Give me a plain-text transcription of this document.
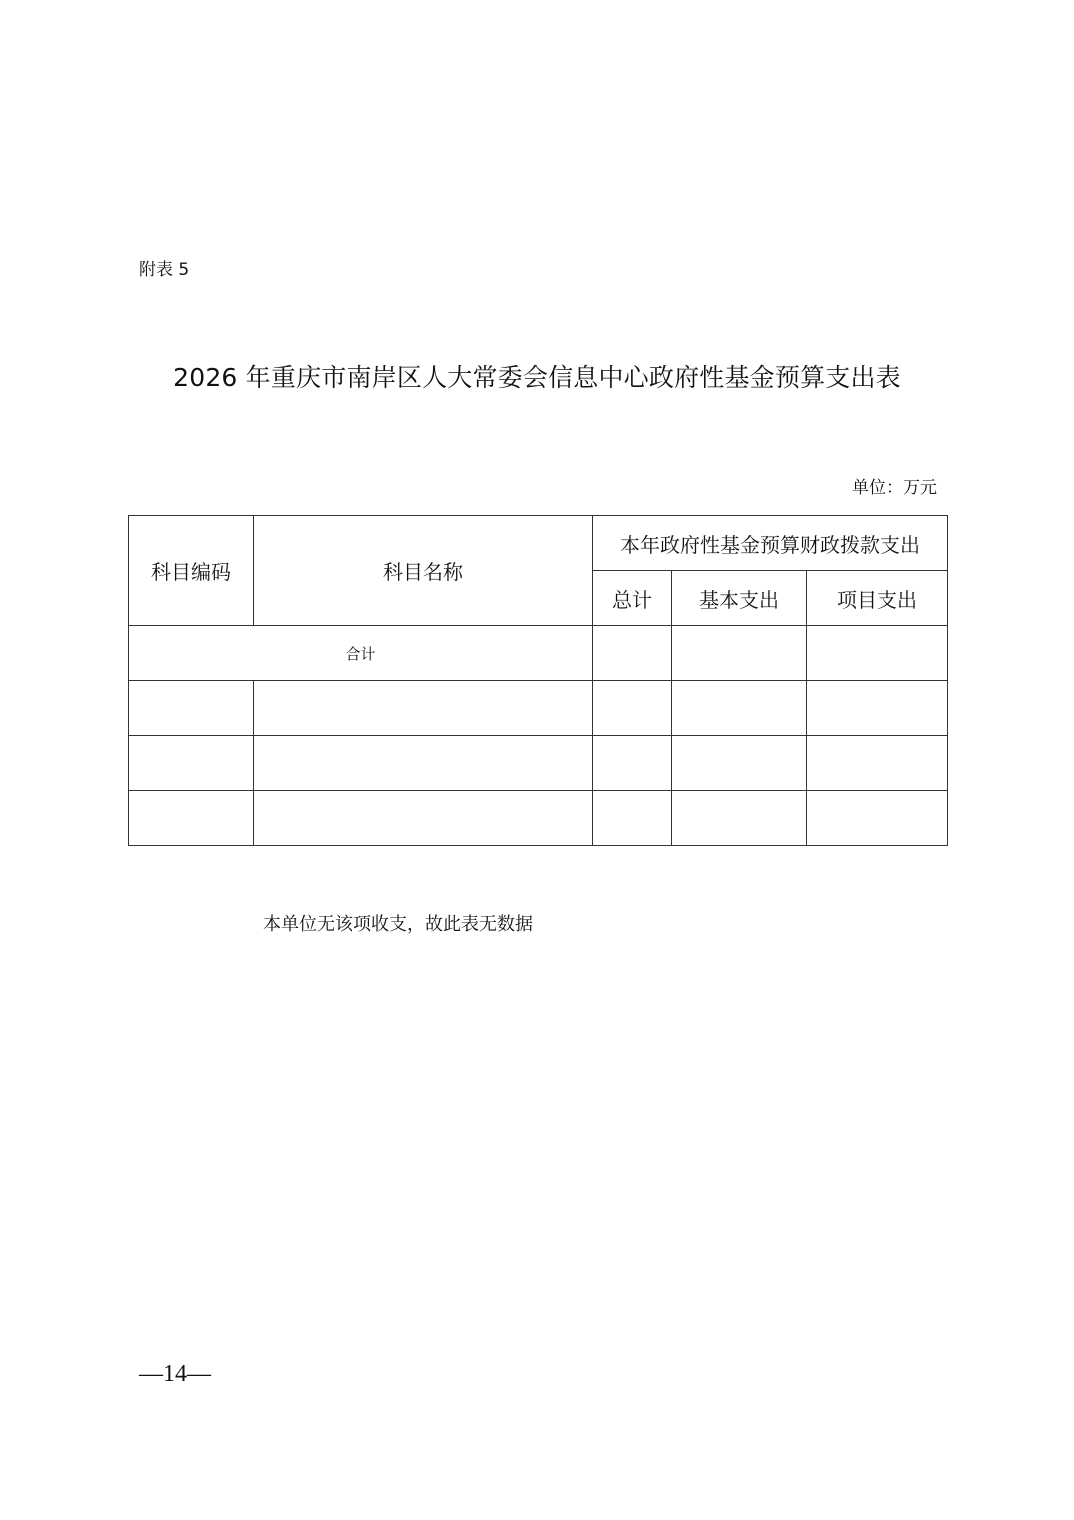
附表 5
2026 年重庆市南岸区人大常委会信息中心政府性基金预算支出表
单位：万元
科目编码	科目名称	本年政府性基金预算财政拨款支出		
		总计	基本支出	项目支出
合计				

本单位无该项收支，故此表无数据
—14—
